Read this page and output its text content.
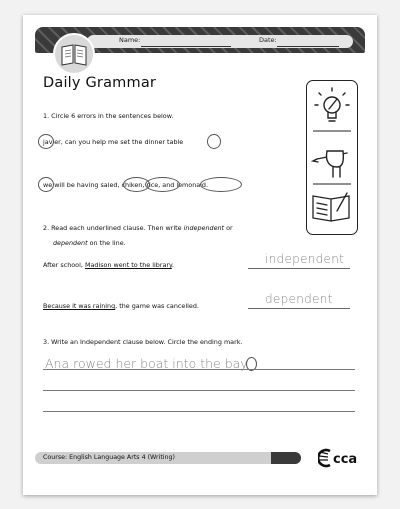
Name:	Date:
Daily Grammar
1. Circle 6 errors in the sentences below.
javier, can you help me set the dinner table
we will be having saled, chiken, rice, and lemonaid.
2. Read each underlined clause. Then write independent or
dependent on the line.
After school, Madison went to the library.	independent
Because it was raining, the game was cancelled.	dependent
3. Write an Independent clause below. Circle the ending mark.
Ana rowed her boat into the bay
Course: English Language Arts 4 (Writing)	cca
